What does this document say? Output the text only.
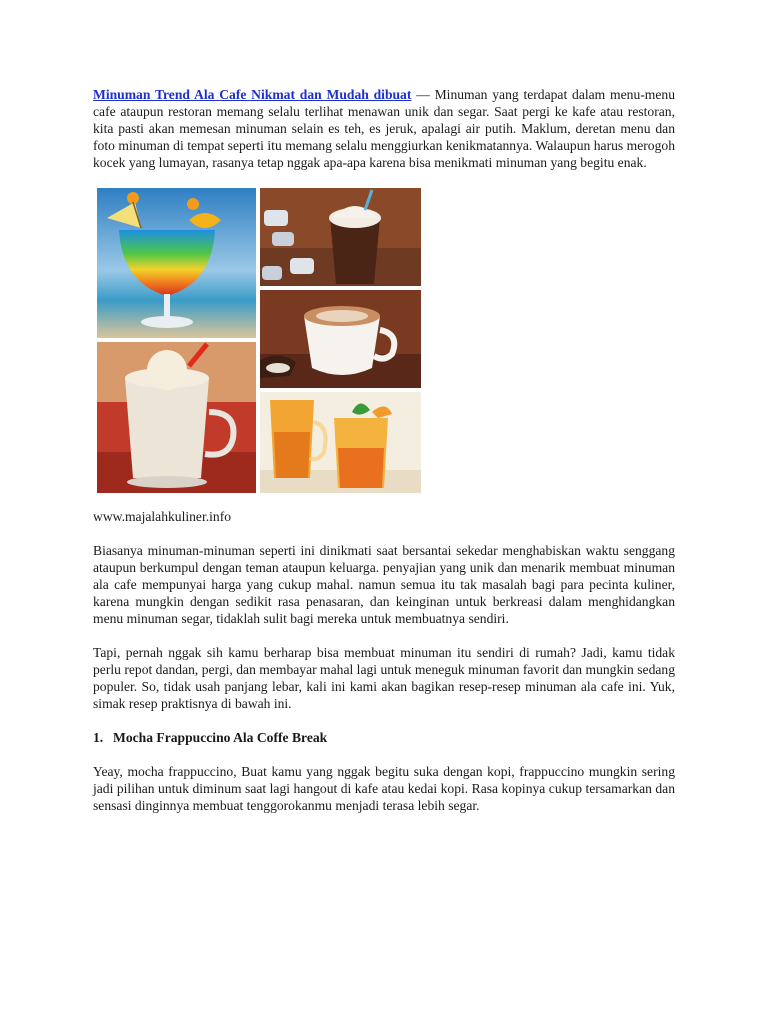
Minuman Trend Ala Cafe Nikmat dan Mudah dibuat — Minuman yang terdapat dalam menu-menu cafe ataupun restoran memang selalu terlihat menawan unik dan segar. Saat pergi ke kafe atau restoran, kita pasti akan memesan minuman selain es teh, es jeruk, apalagi air putih. Maklum, deretan menu dan foto minuman di tempat seperti itu memang selalu menggiurkan kenikmatannya. Walaupun harus merogoh kocek yang lumayan, rasanya tetap nggak apa-apa karena bisa menikmati minuman yang begitu enak.

www.majalahkuliner.info

Biasanya minuman-minuman seperti ini dinikmati saat bersantai sekedar menghabiskan waktu senggang ataupun berkumpul dengan teman ataupun keluarga. penyajian yang unik dan menarik membuat minuman ala cafe mempunyai harga yang cukup mahal. namun semua itu tak masalah bagi para pecinta kuliner, karena mungkin dengan sedikit rasa penasaran, dan keinginan untuk berkreasi dalam menghidangkan menu minuman segar, tidaklah sulit bagi mereka untuk membuatnya sendiri.

Tapi, pernah nggak sih kamu berharap bisa membuat minuman itu sendiri di rumah? Jadi, kamu tidak perlu repot dandan, pergi, dan membayar mahal lagi untuk meneguk minuman favorit dan mungkin sedang populer. So, tidak usah panjang lebar, kali ini kami akan bagikan resep-resep minuman ala cafe ini. Yuk, simak resep praktisnya di bawah ini.

1. Mocha Frappuccino Ala Coffe Break

Yeay, mocha frappuccino, Buat kamu yang nggak begitu suka dengan kopi, frappuccino mungkin sering jadi pilihan untuk diminum saat lagi hangout di kafe atau kedai kopi. Rasa kopinya cukup tersamarkan dan sensasi dinginnya membuat tenggorokanmu menjadi terasa lebih segar.
